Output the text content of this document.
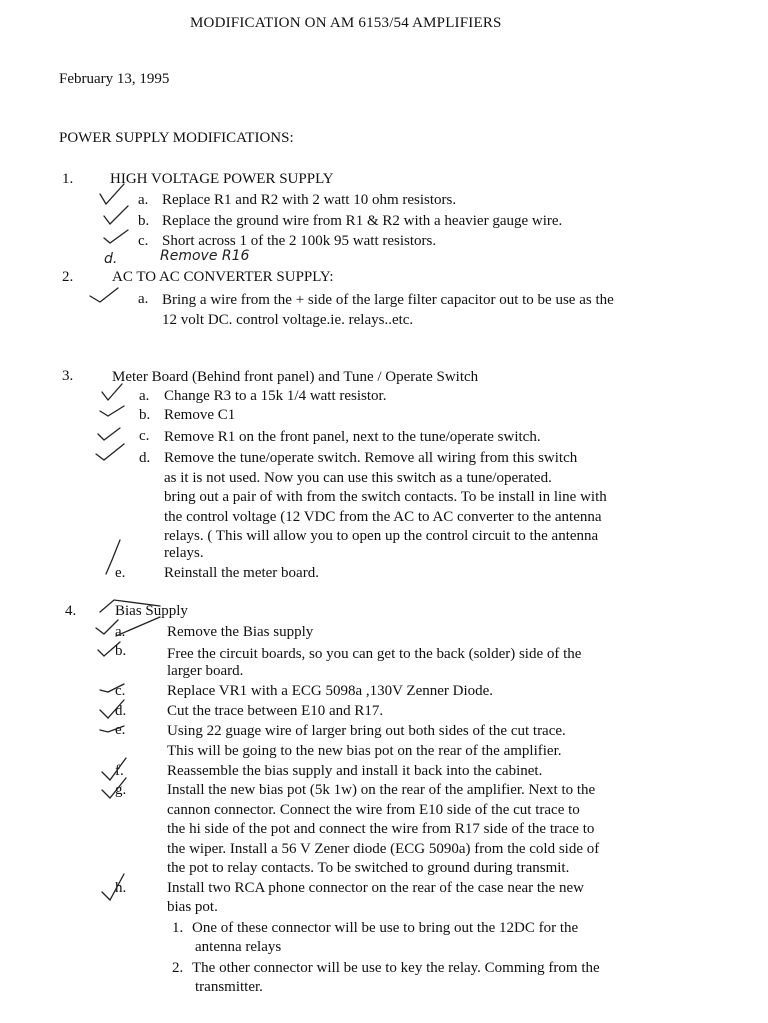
MODIFICATION ON AM 6153/54 AMPLIFIERS
February 13, 1995
POWER SUPPLY MODIFICATIONS:
1. HIGH VOLTAGE POWER SUPPLY
a. Replace R1 and R2 with 2 watt 10 ohm resistors.
b. Replace the ground wire from R1 & R2 with a heavier gauge wire.
c. Short across 1 of the 2 100k 95 watt resistors.
d.	Remove R16
2.	AC TO AC CONVERTER SUPPLY:
a. Bring a wire from the + side of the large filter capacitor out to be use as the
12 volt DC. control voltage.ie. relays..etc.
3.	Meter Board (Behind front panel) and Tune / Operate Switch
a. Change R3 to a 15k 1/4 watt resistor.
b. Remove C1
c. Remove R1 on the front panel, next to the tune/operate switch.
d. Remove the tune/operate switch. Remove all wiring from this switch
as it is not used. Now you can use this switch as a tune/operated.
bring out a pair of with from the switch contacts. To be install in line with
the control voltage (12 VDC from the AC to AC converter to the antenna
relays. ( This will allow you to open up the control circuit to the antenna
relays.
e.	Reinstall the meter board.
4.	Bias Supply
a.	Remove the Bias supply
b.	Free the circuit boards, so you can get to the back (solder) side of the
larger board.
c.	Replace VR1 with a ECG 5098a ,130V Zenner Diode.
d.	Cut the trace between E10 and R17.
e.	Using 22 guage wire of larger bring out both sides of the cut trace.
This will be going to the new bias pot on the rear of the amplifier.
f.	Reassemble the bias supply and install it back into the cabinet.
g.	Install the new bias pot (5k 1w) on the rear of the amplifier. Next to the
cannon connector. Connect the wire from E10 side of the cut trace to
the hi side of the pot and connect the wire from R17 side of the trace to
the wiper. Install a 56 V Zener diode (ECG 5090a) from the cold side of
the pot to relay contacts. To be switched to ground during transmit.
h.	Install two RCA phone connector on the rear of the case near the new
bias pot.
1. One of these connector will be use to bring out the 12DC for the
antenna relays
2. The other connector will be use to key the relay. Comming from the
transmitter.
